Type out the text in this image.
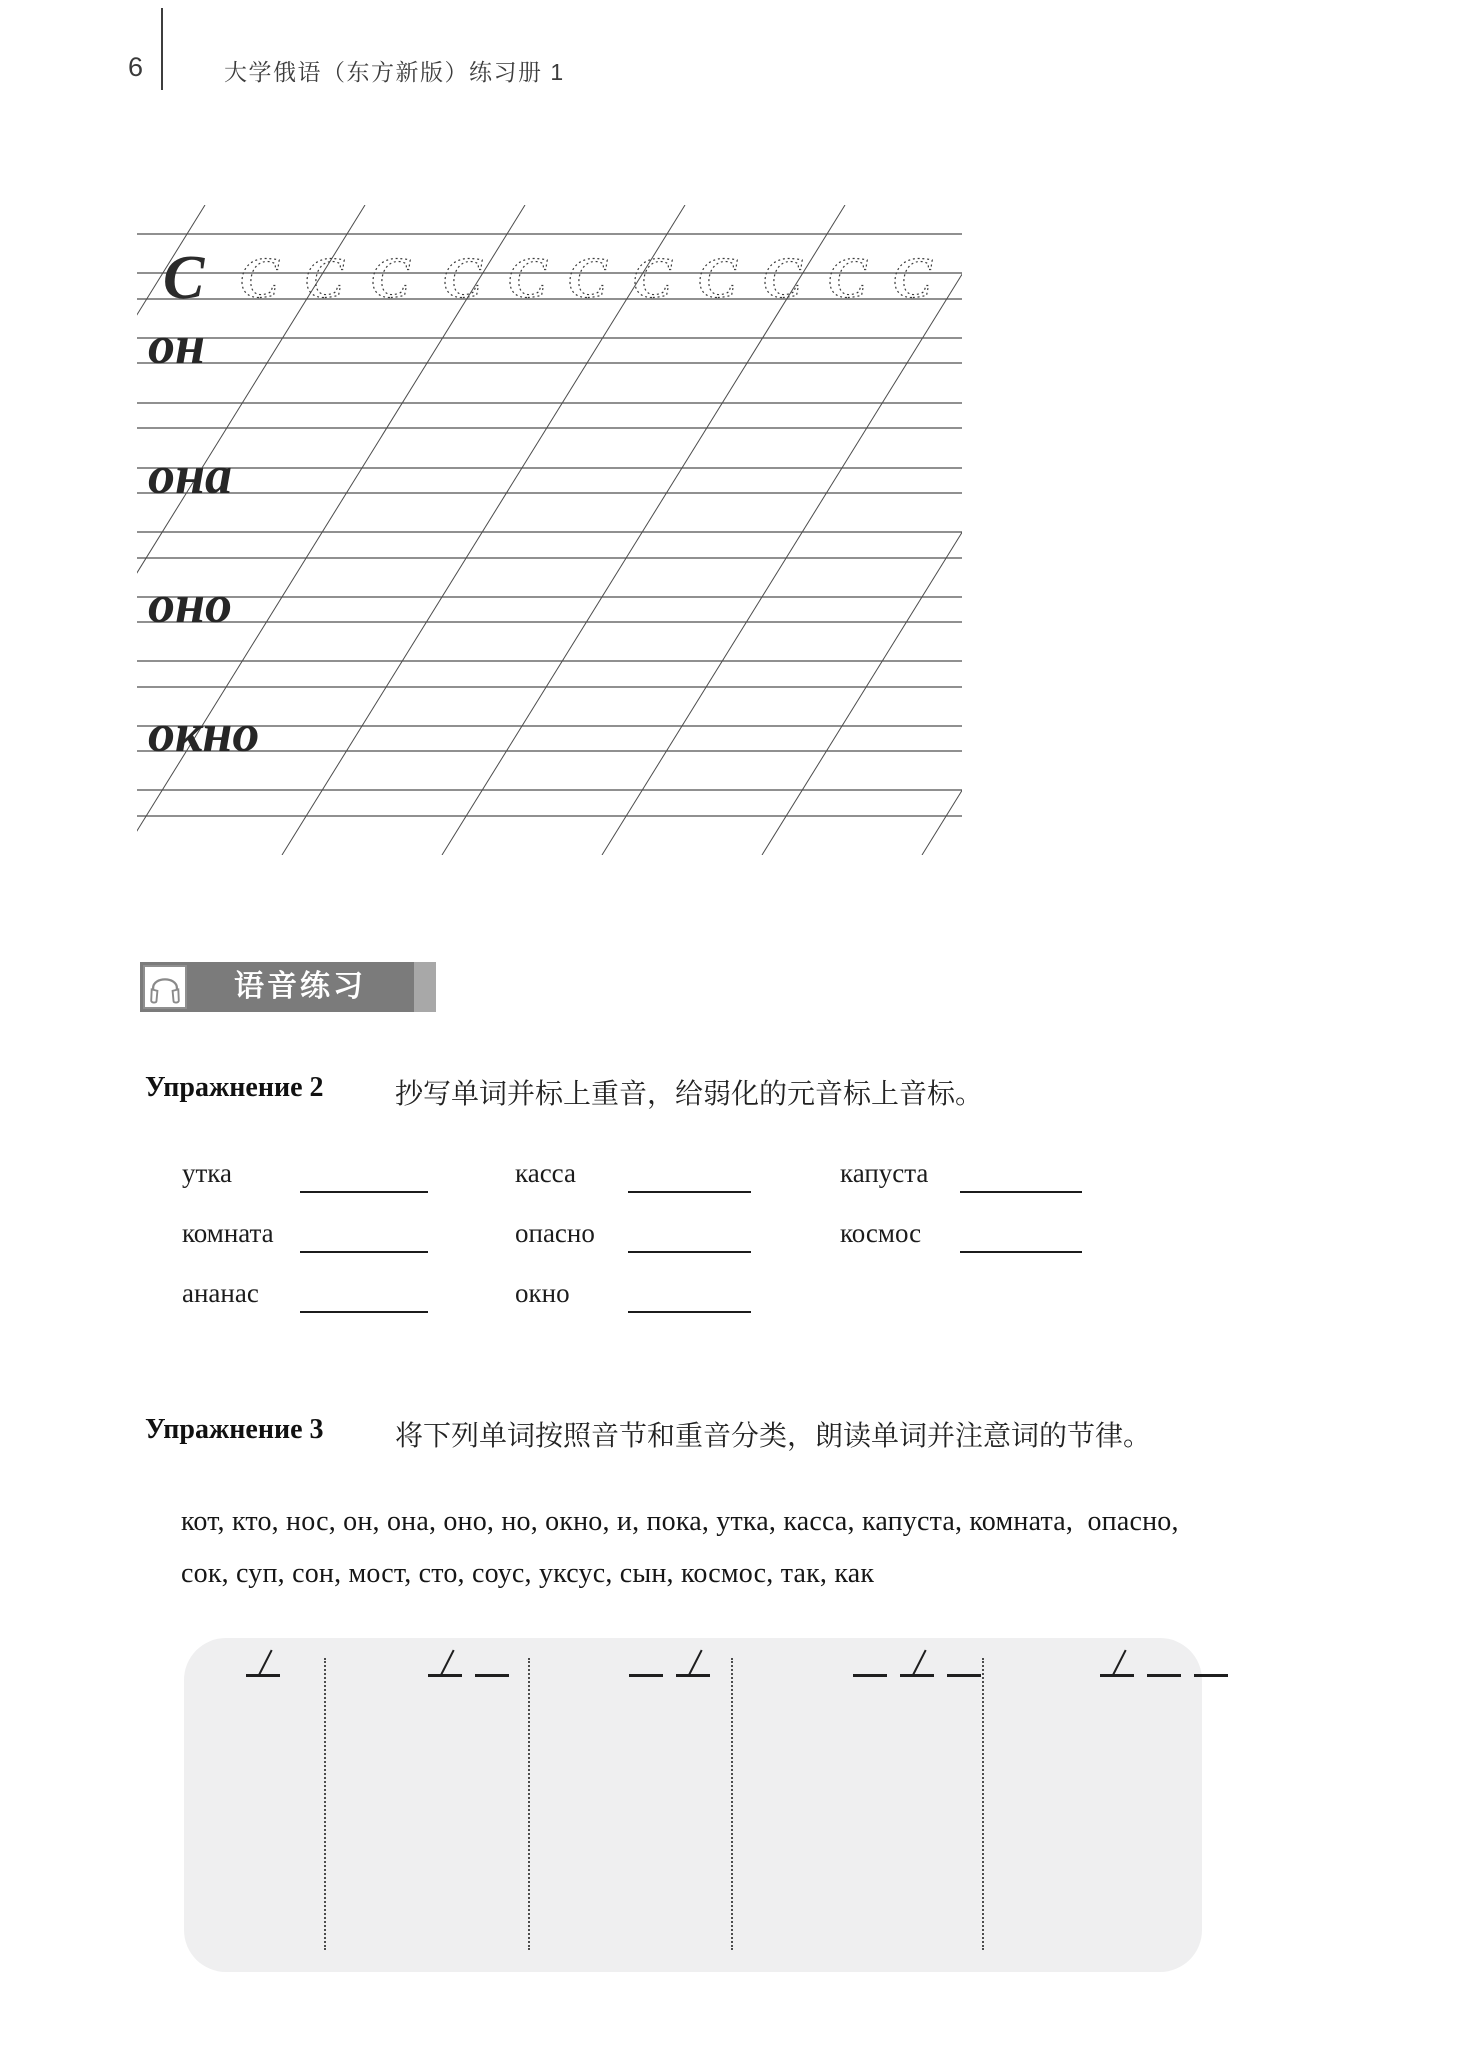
6	大学俄语（东方新版）练习册 1
С С С С С С С С С С С С
он
она
оно
окно
语音练习
Упражнение 2	抄写单词并标上重音，给弱化的元音标上音标。
утка	касса	капуста
комната	опасно	космос
ананас	окно
Упражнение 3	将下列单词按照音节和重音分类，朗读单词并注意词的节律。
кот, кто, нос, он, она, оно, но, окно, и, пока, утка, касса, капуста, комната,  опасно,
сок, суп, сон, мост, сто, соус, уксус, сын, космос, так, как
